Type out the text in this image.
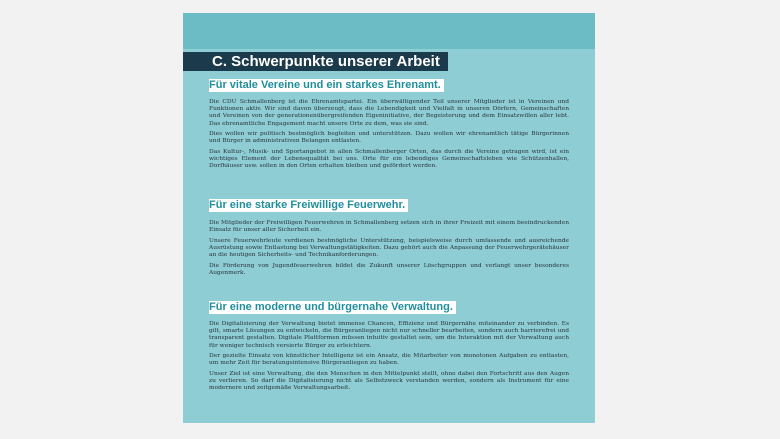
C. Schwerpunkte unserer Arbeit
Für vitale Vereine und ein starkes Ehrenamt.

Die CDU Schmallenberg ist die Ehrenamtspartei. Ein überwältigender Teil unserer Mitglieder ist in Vereinen und Funktionen aktiv. Wir sind davon überzeugt, dass die Lebendigkeit und Vielfalt in unseren Dörfern, Gemeinschaften und Vereinen von der generationenübergreifenden Eigeninitiative, der Begeisterung und dem Einsatzwillen aller lebt. Das ehrenamtliche Engagement macht unsere Orte zu dem, was sie sind.

Dies wollen wir politisch bestmöglich begleiten und unterstützen. Dazu wollen wir ehrenamtlich tätige Bürgerinnen und Bürger in administrativen Belangen entlasten.

Das Kultur-, Musik- und Sportangebot in allen Schmallenberger Orten, das durch die Vereine getragen wird, ist ein wichtiges Element der Lebensqualität bei uns. Orte für ein lebendiges Gemeinschaftsleben wie Schützenhallen, Dorfhäuser usw. sollen in den Orten erhalten bleiben und gefördert werden.

Für eine starke Freiwillige Feuerwehr.

Die Mitglieder der Freiwilligen Feuerwehren in Schmallenberg setzen sich in ihrer Freizeit mit einem beeindruckenden Einsatz für unser aller Sicherheit ein.

Unsere Feuerwehrleute verdienen bestmögliche Unterstützung, beispielsweise durch umfassende und ausreichende Ausrüstung sowie Entlastung bei Verwaltungstätigkeiten. Dazu gehört auch die Anpassung der Feuerwehrgerätehäuser an die heutigen Sicherheits- und Technikanforderungen.

Die Förderung von Jugendfeuerwehren bildet die Zukunft unserer Löschgruppen und verlangt unser besonderes Augenmerk.

Für eine moderne und bürgernahe Verwaltung.

Die Digitalisierung der Verwaltung bietet immense Chancen, Effizienz und Bürgernähe miteinander zu verbinden. Es gilt, smarte Lösungen zu entwickeln, die Bürgeranliegen nicht nur schneller bearbeiten, sondern auch barrierefrei und transparent gestalten. Digitale Plattformen müssen intuitiv gestaltet sein, um die Interaktion mit der Verwaltung auch für weniger technisch versierte Bürger zu erleichtern.

Der gezielte Einsatz von künstlicher Intelligenz ist ein Ansatz, die Mitarbeiter von monotonen Aufgaben zu entlasten, um mehr Zeit für beratungsintensive Bürgeranliegen zu haben.

Unser Ziel ist eine Verwaltung, die den Menschen in den Mittelpunkt stellt, ohne dabei den Fortschritt aus den Augen zu verlieren. So darf die Digitalisierung nicht als Selbstzweck verstanden werden, sondern als Instrument für eine modernere und zeitgemäße Verwaltungsarbeit.
